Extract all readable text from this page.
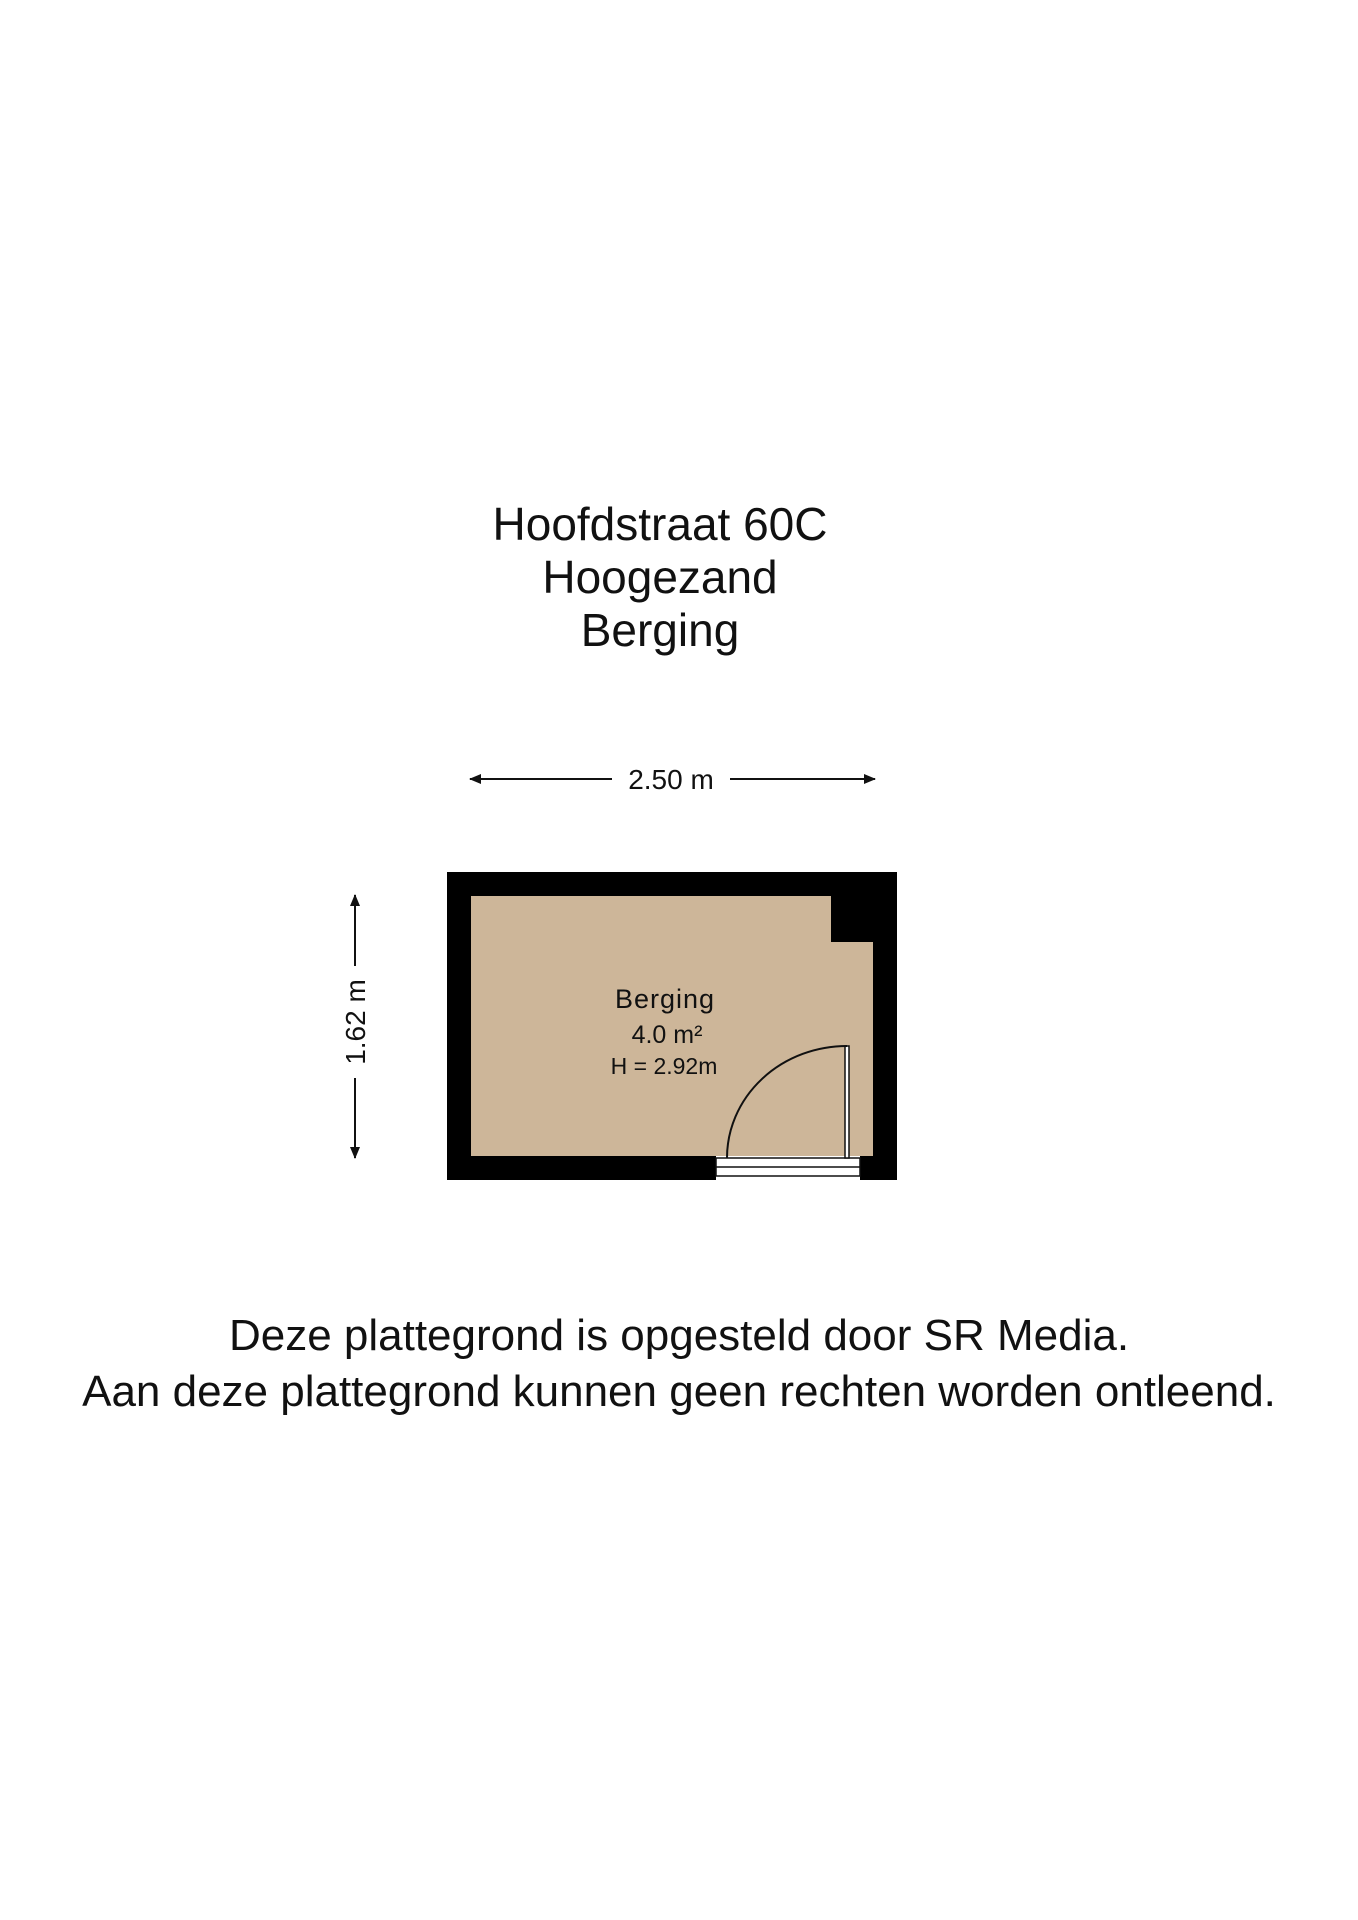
Hoofdstraat 60C
Hoogezand
Berging
2.50 m
1.62 m	Berging
4.0 m²
H = 2.92m
Deze plattegrond is opgesteld door SR Media.
Aan deze plattegrond kunnen geen rechten worden ontleend.
